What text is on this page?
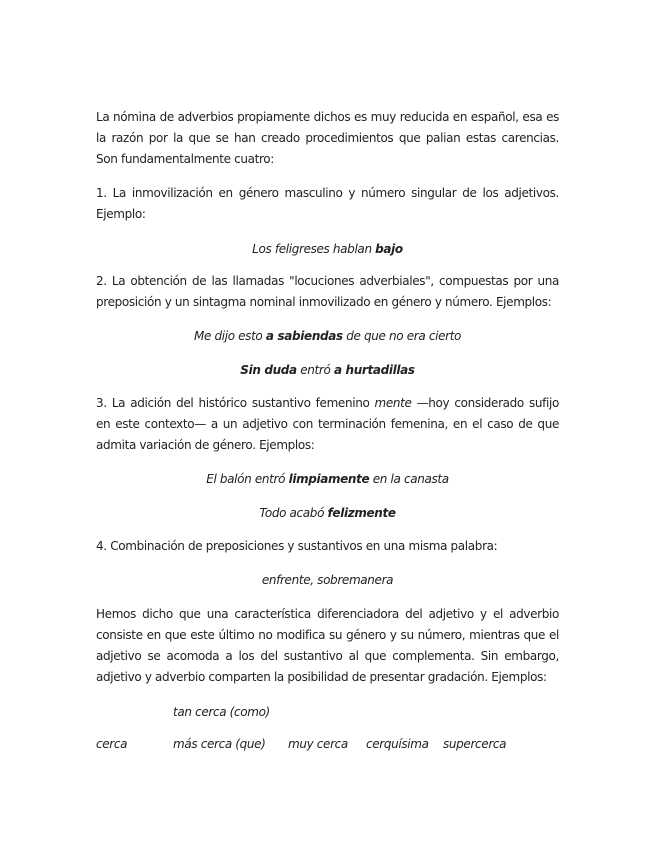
La nómina de adverbios propiamente dichos es muy reducida en español, esa es la razón por la que se han creado procedimientos que palian estas carencias. Son fundamentalmente cuatro:

1. La inmovilización en género masculino y número singular de los adjetivos. Ejemplo:

Los feligreses hablan bajo

2. La obtención de las llamadas "locuciones adverbiales", compuestas por una preposición y un sintagma nominal inmovilizado en género y número. Ejemplos:

Me dijo esto a sabiendas de que no era cierto

Sin duda entró a hurtadillas

3. La adición del histórico sustantivo femenino mente —hoy considerado sufijo en este contexto— a un adjetivo con terminación femenina, en el caso de que admita variación de género. Ejemplos:

El balón entró limpiamente en la canasta

Todo acabó felizmente

4. Combinación de preposiciones y sustantivos en una misma palabra:

enfrente, sobremanera

Hemos dicho que una característica diferenciadora del adjetivo y el adverbio consiste en que este último no modifica su género y su número, mientras que el adjetivo se acomoda a los del sustantivo al que complementa. Sin embargo, adjetivo y adverbio comparten la posibilidad de presentar gradación. Ejemplos:

tan cerca (como)
cerca	más cerca (que) muy cerca cerquísima supercerca
